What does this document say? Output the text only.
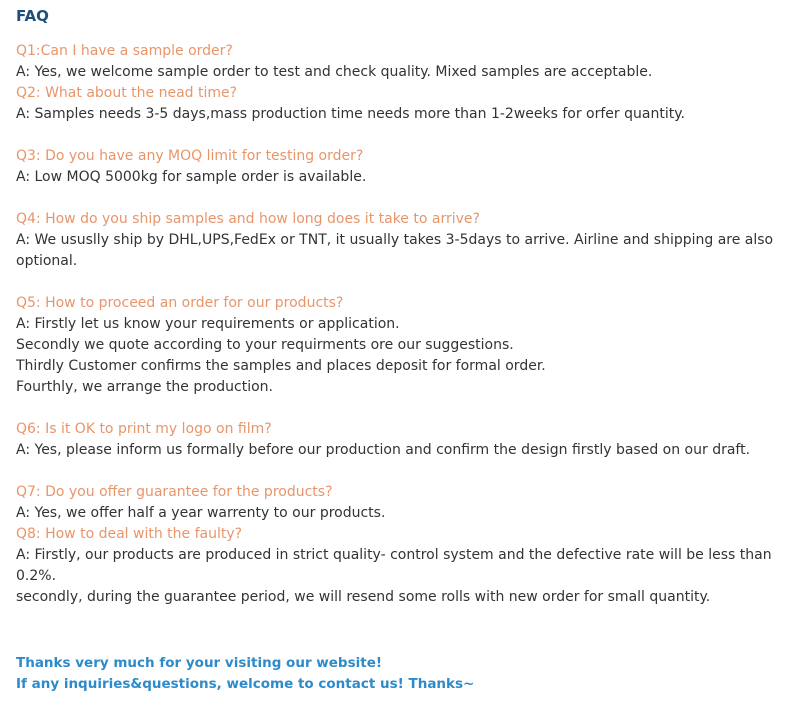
FAQ
Q1:Can I have a sample order?
A: Yes, we welcome sample order to test and check quality. Mixed samples are acceptable.
Q2: What about the nead time?
A: Samples needs 3-5 days,mass production time needs more than 1-2weeks for orfer quantity.
Q3: Do you have any MOQ limit for testing order?
A: Low MOQ 5000kg for sample order is available.
Q4: How do you ship samples and how long does it take to arrive?
A: We ususlly ship by DHL,UPS,FedEx or TNT, it usually takes 3-5days to arrive. Airline and shipping are also optional.
Q5: How to proceed an order for our products?
A: Firstly let us know your requirements or application.
Secondly we quote according to your requirments ore our suggestions.
Thirdly Customer confirms the samples and places deposit for formal order.
Fourthly, we arrange the production.
Q6: Is it OK to print my logo on film?
A: Yes, please inform us formally before our production and confirm the design firstly based on our draft.
Q7: Do you offer guarantee for the products?
A: Yes, we offer half a year warrenty to our products.
Q8: How to deal with the faulty?
A: Firstly, our products are produced in strict quality- control system and the defective rate will be less than 0.2%.
secondly, during the guarantee period, we will resend some rolls with new order for small quantity.
Thanks very much for your visiting our website!
If any inquiries&questions, welcome to contact us! Thanks~
